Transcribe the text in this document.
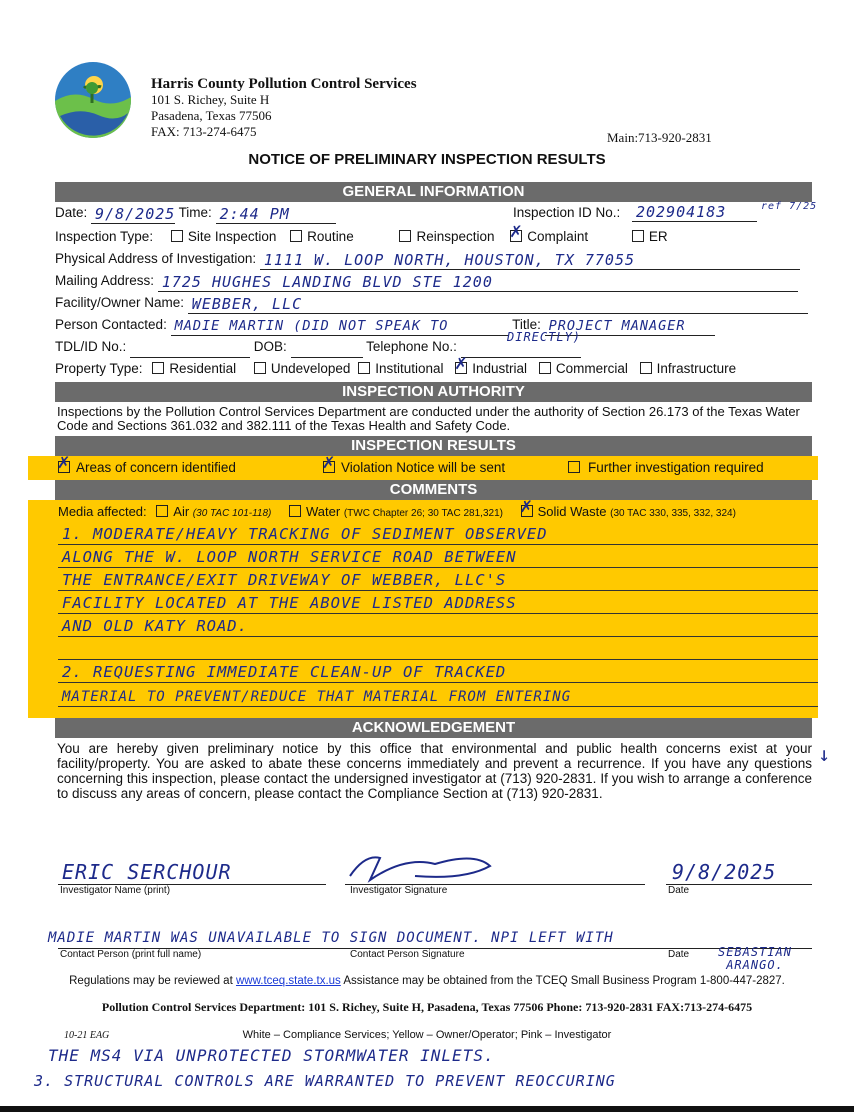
Harris County Pollution Control Services
101 S. Richey, Suite H
Pasadena, Texas 77506
FAX: 713-274-6475	Main:713-920-2831
NOTICE OF PRELIMINARY INSPECTION RESULTS
GENERAL INFORMATION
Date: 9/8/2025 Time: 2:44 PM	Inspection ID No.: 202904183	ref 7/25
Inspection Type:	Site Inspection Routine	Reinspection ✗ Complaint	ER
Physical Address of Investigation: 1111 W. LOOP NORTH, HOUSTON, TX 77055
Mailing Address: 1725 HUGHES LANDING BLVD STE 1200
Facility/Owner Name: WEBBER, LLC
Person Contacted: MADIE MARTIN (DID NOT SPEAK TO	Title: PROJECT MANAGER
TDL/ID No.:	DOB:	Telephone No.:
DIRECTLY)
Property Type: Residential	Undeveloped Institutional ✗ Industrial Commercial Infrastructure
INSPECTION AUTHORITY
Inspections by the Pollution Control Services Department are conducted under the authority of Section 26.173 of the Texas Water Code and Sections 361.032 and 382.111 of the Texas Health and Safety Code.
INSPECTION RESULTS
✗Areas of concern identified ✗	Violation Notice will be sent	Further investigation required
COMMENTS
Media affected: Air (30 TAC 101-118)	Water (TWC Chapter 26; 30 TAC 281,321) ✗	Solid Waste (30 TAC 330, 335, 332, 324)
1. MODERATE/HEAVY TRACKING OF SEDIMENT OBSERVED
ALONG THE W. LOOP NORTH SERVICE ROAD BETWEEN
THE ENTRANCE/EXIT DRIVEWAY OF WEBBER, LLC'S
FACILITY LOCATED AT THE ABOVE LISTED ADDRESS
AND OLD KATY ROAD.
2. REQUESTING IMMEDIATE CLEAN-UP OF TRACKED
MATERIAL TO PREVENT/REDUCE THAT MATERIAL FROM ENTERING
ACKNOWLEDGEMENT
You are hereby given preliminary notice by this office that environmental and public health concerns exist at your facility/property. You are asked to abate these concerns immediately and prevent a recurrence. If you have any questions concerning this inspection, please contact the undersigned investigator at (713) 920-2831. If you wish to arrange a conference to discuss any areas of concern, please contact the Compliance Section at (713) 920-2831.
ERIC SERCHOUR
Investigator Name (print)	Investigator Signature
9/8/2025
Date
MADIE MARTIN WAS UNAVAILABLE TO SIGN DOCUMENT. NPI LEFT WITH
Contact Person (print full name)	Contact Person Signature	Date	SEBASTIAN ARANGO.
Regulations may be reviewed at www.tceq.state.tx.us Assistance may be obtained from the TCEQ Small Business Program 1-800-447-2827.
Pollution Control Services Department: 101 S. Richey, Suite H, Pasadena, Texas 77506 Phone: 713-920-2831 FAX:713-274-6475
10-21 EAG	White – Compliance Services; Yellow – Owner/Operator; Pink – Investigator
THE MS4 VIA UNPROTECTED STORMWATER INLETS.
3. STRUCTURAL CONTROLS ARE WARRANTED TO PREVENT REOCCURING
↓
